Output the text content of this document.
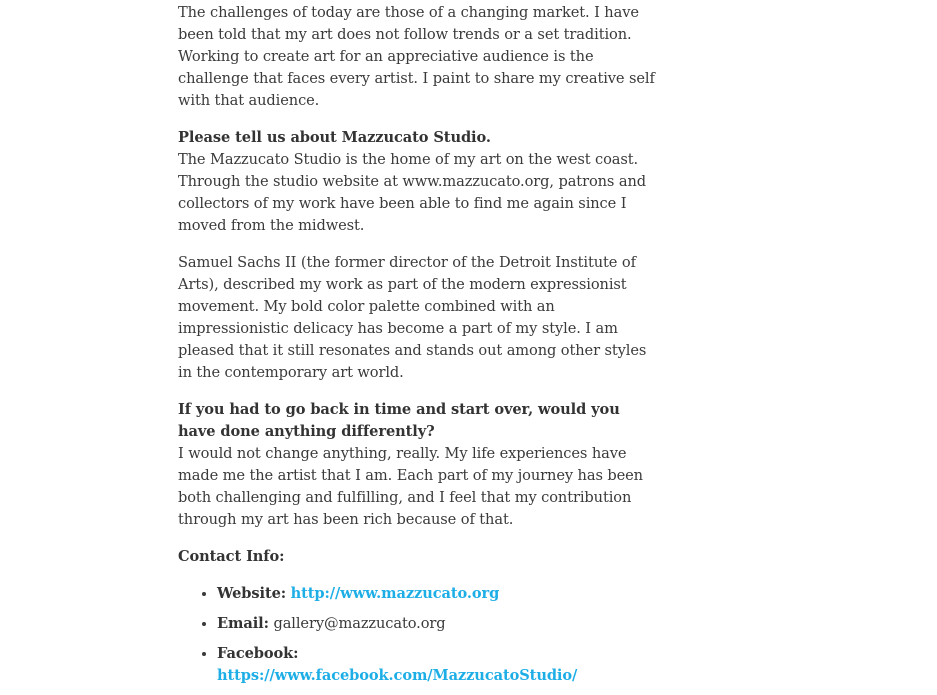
The challenges of today are those of a changing market. I have been told that my art does not follow trends or a set tradition. Working to create art for an appreciative audience is the challenge that faces every artist. I paint to share my creative self with that audience.

Please tell us about Mazzucato Studio.
The Mazzucato Studio is the home of my art on the west coast. Through the studio website at www.mazzucato.org, patrons and collectors of my work have been able to find me again since I moved from the midwest.

Samuel Sachs II (the former director of the Detroit Institute of Arts), described my work as part of the modern expressionist movement. My bold color palette combined with an impressionistic delicacy has become a part of my style. I am pleased that it still resonates and stands out among other styles in the contemporary art world.

If you had to go back in time and start over, would you have done anything differently?
I would not change anything, really. My life experiences have made me the artist that I am. Each part of my journey has been both challenging and fulfilling, and I feel that my contribution through my art has been rich because of that.

Contact Info:

• Website: http://www.mazzucato.org
• Email: gallery@mazzucato.org
• Facebook: https://www.facebook.com/MazzucatoStudio/
